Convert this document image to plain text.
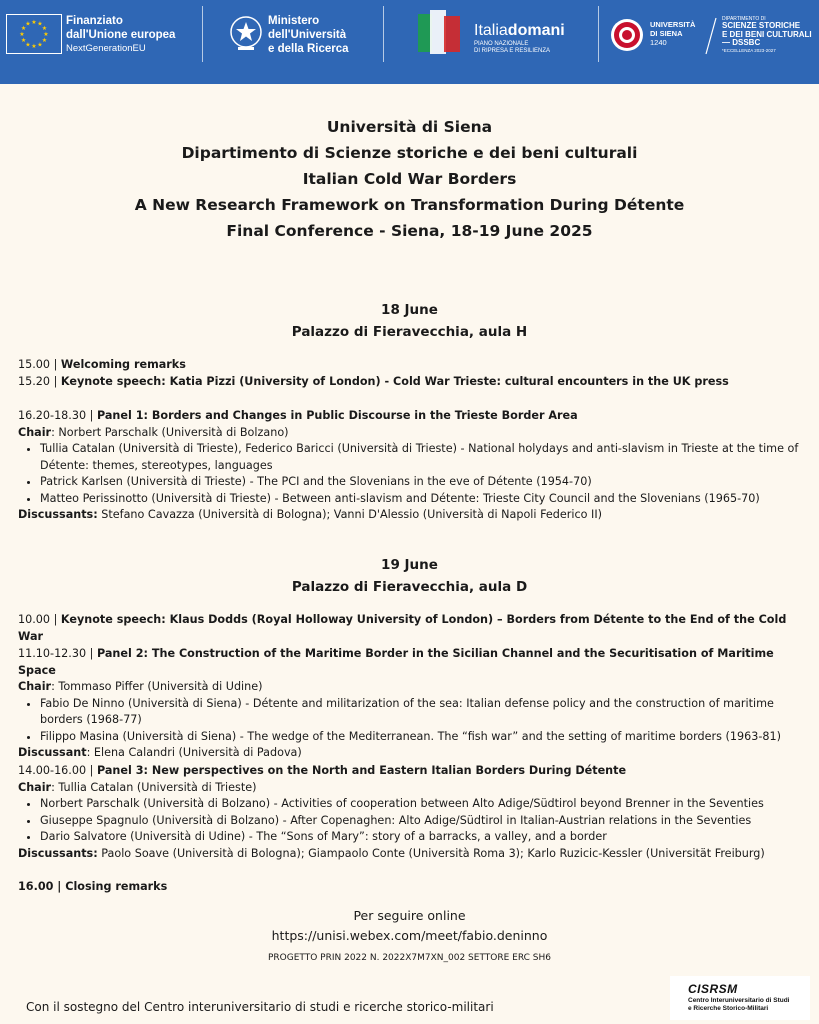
★ ★
★
★
★
★
★
★
★
★
★
★	Finanziato
dall'Unione europea
NextGenerationEU
Ministero
dell'Università
e della Ricerca
Italiadomani
PIANO NAZIONALE
DI RIPRESA E RESILIENZA
UNIVERSITÀ
DI SIENA
1240
DIPARTIMENTO DI
SCIENZE STORICHE
E DEI BENI CULTURALI
— DSSBC
*ECCELLENZA 2023-2027
Università di Siena
Dipartimento di Scienze storiche e dei beni culturali
Italian Cold War Borders
A New Research Framework on Transformation During Détente
Final Conference - Siena, 18-19 June 2025
18 June
Palazzo di Fieravecchia, aula H

15.00 | Welcoming remarks

15.20 | Keynote speech: Katia Pizzi (University of London) - Cold War Trieste: cultural encounters in the UK press

16.20-18.30 | Panel 1: Borders and Changes in Public Discourse in the Trieste Border Area

Chair: Norbert Parschalk (Università di Bolzano)

• Tullia Catalan (Università di Trieste), Federico Baricci (Università di Trieste) - National holydays and anti-slavism in Trieste at the time of Détente: themes, stereotypes, languages
• Patrick Karlsen (Università di Trieste) - The PCI and the Slovenians in the eve of Détente (1954-70)
• Matteo Perissinotto (Università di Trieste) - Between anti-slavism and Détente: Trieste City Council and the Slovenians (1965-70)

Discussants: Stefano Cavazza (Università di Bologna); Vanni D'Alessio (Università di Napoli Federico II)

19 June
Palazzo di Fieravecchia, aula D

10.00 | Keynote speech: Klaus Dodds (Royal Holloway University of London) – Borders from Détente to the End of the Cold War

11.10-12.30 | Panel 2: The Construction of the Maritime Border in the Sicilian Channel and the Securitisation of Maritime Space

Chair: Tommaso Piffer (Università di Udine)

• Fabio De Ninno (Università di Siena) - Détente and militarization of the sea: Italian defense policy and the construction of maritime borders (1968-77)
• Filippo Masina (Università di Siena) - The wedge of the Mediterranean. The “fish war” and the setting of maritime borders (1963-81)

Discussant: Elena Calandri (Università di Padova)

14.00-16.00 | Panel 3: New perspectives on the North and Eastern Italian Borders During Détente

Chair: Tullia Catalan (Università di Trieste)

• Norbert Parschalk (Università di Bolzano) - Activities of cooperation between Alto Adige/Südtirol beyond Brenner in the Seventies
• Giuseppe Spagnulo (Università di Bolzano) - After Copenaghen: Alto Adige/Südtirol in Italian-Austrian relations in the Seventies
• Dario Salvatore (Università di Udine) - The “Sons of Mary”: story of a barracks, a valley, and a border

Discussants: Paolo Soave (Università di Bologna); Giampaolo Conte (Università Roma 3); Karlo Ruzicic-Kessler (Universität Freiburg)

16.00 | Closing remarks
Per seguire online
https://unisi.webex.com/meet/fabio.deninno
PROGETTO PRIN 2022 N. 2022X7M7XN_002 SETTORE ERC SH6
Con il sostegno del Centro interuniversitario di studi e ricerche storico-militari
CISRSM
Centro Interuniversitario di Studi
e Ricerche Storico-Militari
